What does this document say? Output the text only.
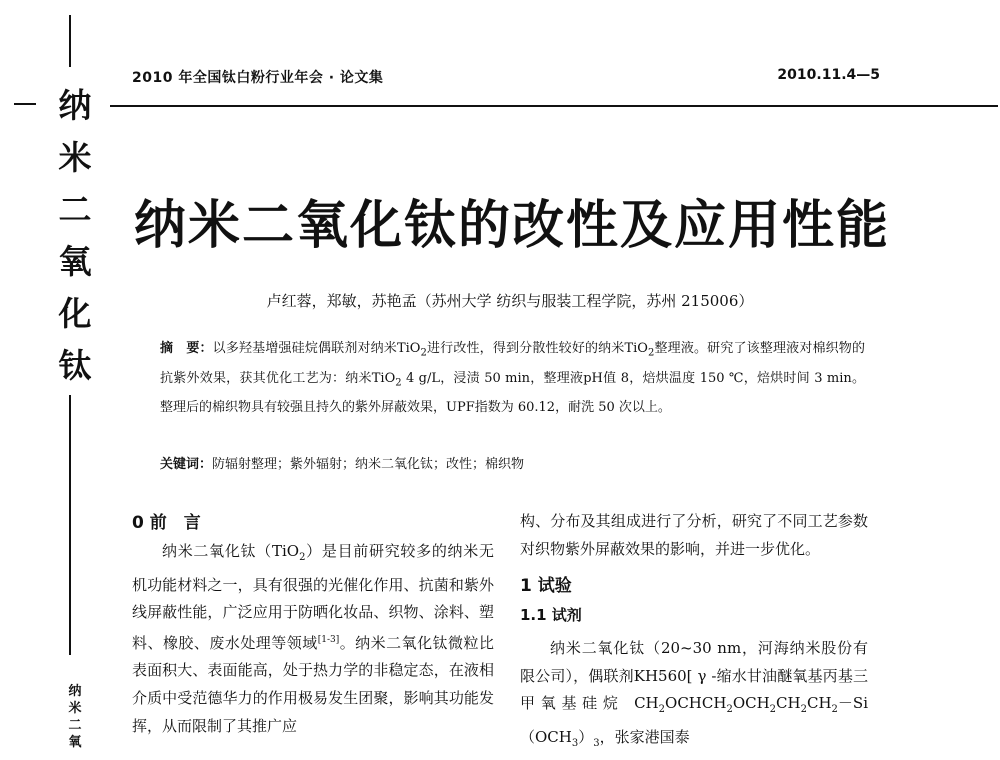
纳
米
二
氧
化
钛
纳
米
二
氧
2010 年全国钛白粉行业年会 · 论文集	2010.11.4—5
纳米二氧化钛的改性及应用性能
卢红蓉，郑敏，苏艳孟（苏州大学 纺织与服装工程学院，苏州 215006）
摘　要：以多羟基增强硅烷偶联剂对纳米TiO$_2$进行改性，得到分散性较好的纳米TiO$_2$整理液。研究了该整理液对棉织物的抗紫外效果，获其优化工艺为：纳米TiO$_2$ 4 g/L，浸渍 50 min，整理液pH值 8，焙烘温度 150 ℃，焙烘时间 3 min。整理后的棉织物具有较强且持久的紫外屏蔽效果，UPF指数为 60.12，耐洗 50 次以上。
关键词：防辐射整理；紫外辐射；纳米二氧化钛；改性；棉织物
0 前　言

纳米二氧化钛（TiO$_2$）是目前研究较多的纳米无机功能材料之一，具有很强的光催化作用、抗菌和紫外线屏蔽性能，广泛应用于防晒化妆品、织物、涂料、塑料、橡胶、废水处理等领域[1-3]。纳米二氧化钛微粒比表面积大、表面能高，处于热力学的非稳定态，在液相介质中受范德华力的作用极易发生团聚，影响其功能发挥，从而限制了其推广应

构、分布及其组成进行了分析，研究了不同工艺参数对织物紫外屏蔽效果的影响，并进一步优化。

1 试验
1.1 试剂

纳米二氧化钛（20~30 nm，河海纳米股份有限公司），偶联剂KH560[ γ -缩水甘油醚氧基丙基三甲氧基硅烷 $CH_2OCHCH_2OCH_2CH_2CH_2-Si(OCH_3)_3$，张家港国泰
